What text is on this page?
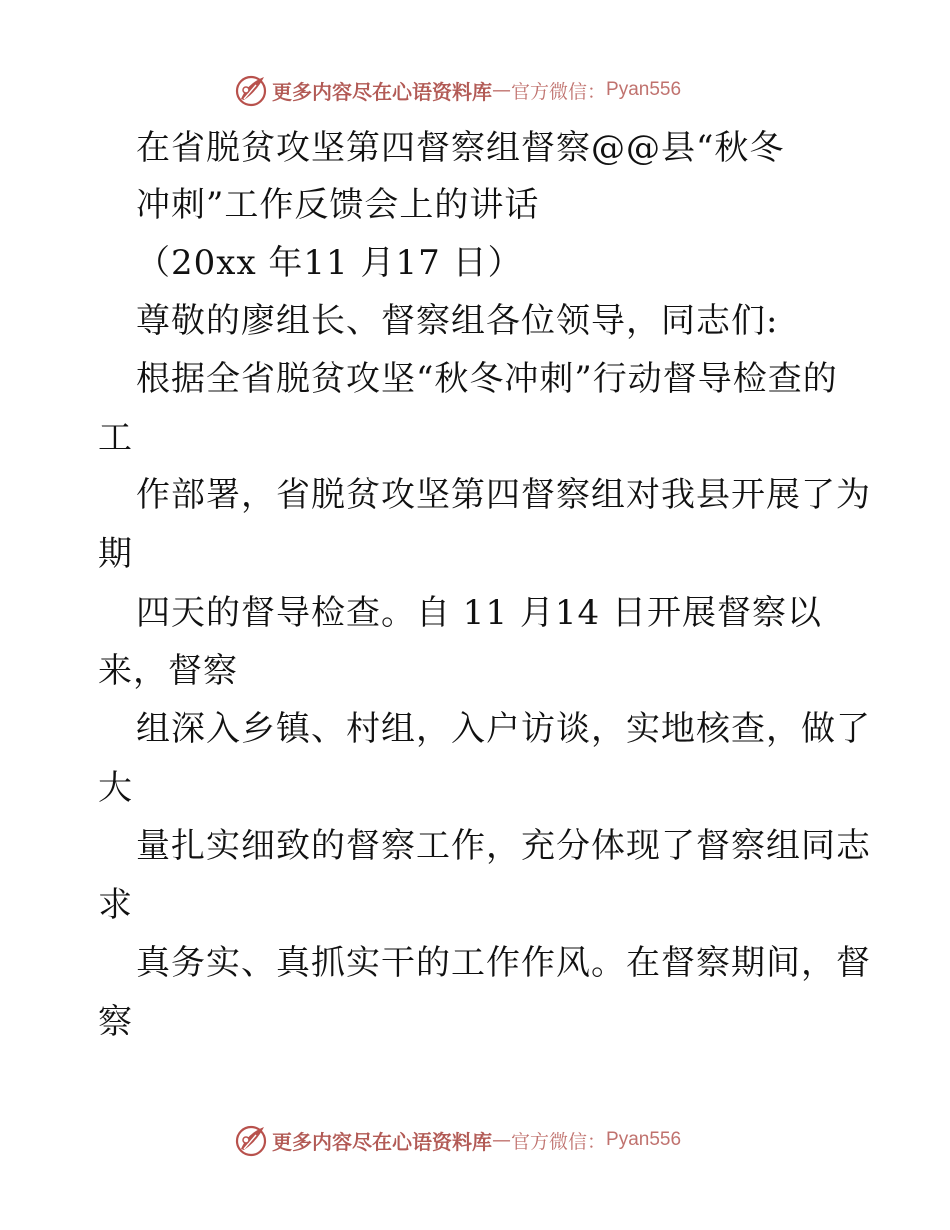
更多内容尽在心语资料库 — 官方微信： Pyan556
在省脱贫攻坚第四督察组督察@@县“秋冬
冲刺”工作反馈会上的讲话
（20xx 年11 月17 日）
尊敬的廖组长、督察组各位领导，同志们:
根据全省脱贫攻坚“秋冬冲刺”行动督导检查的
工
作部署，省脱贫攻坚第四督察组对我县开展了为
期
四天的督导检查。自 11 月14 日开展督察以
来，督察
组深入乡镇、村组，入户访谈，实地核查，做了
大
量扎实细致的督察工作，充分体现了督察组同志
求
真务实、真抓实干的工作作风。在督察期间，督
察
更多内容尽在心语资料库 — 官方微信： Pyan556
